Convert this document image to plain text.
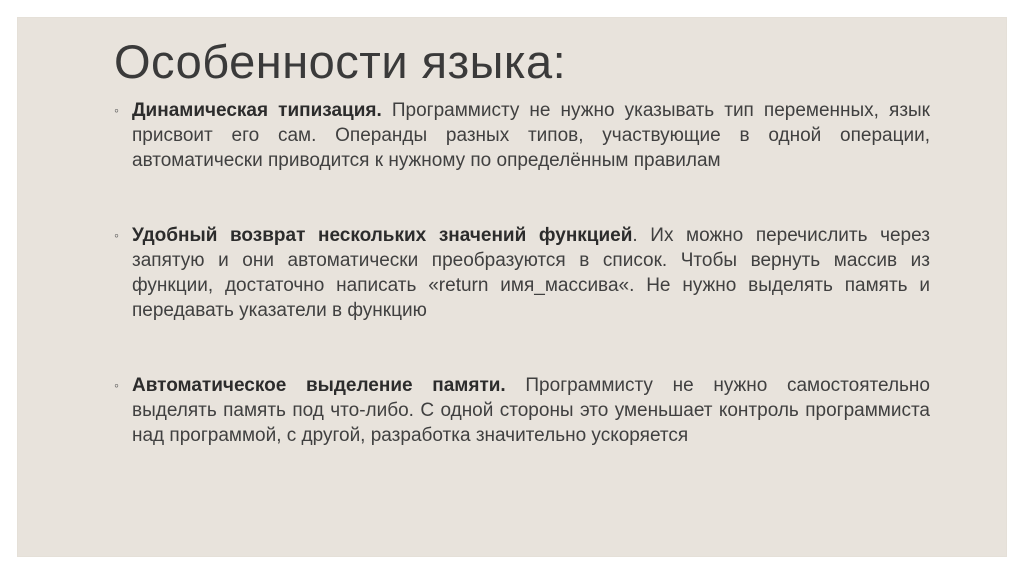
Особенности языка:
◦ Динамическая типизация. Программисту не нужно указывать тип переменных, язык присвоит его сам. Операнды разных типов, участвующие в одной операции, автоматически приводится к нужному по определённым правилам
◦ Удобный возврат нескольких значений функцией. Их можно перечислить через запятую и они автоматически преобразуются в список. Чтобы вернуть массив из функции, достаточно написать «return имя_массива«. Не нужно выделять память и передавать указатели в функцию
◦ Автоматическое выделение памяти. Программисту не нужно самостоятельно выделять память под что-либо. С одной стороны это уменьшает контроль программиста над программой, с другой, разработка значительно ускоряется
